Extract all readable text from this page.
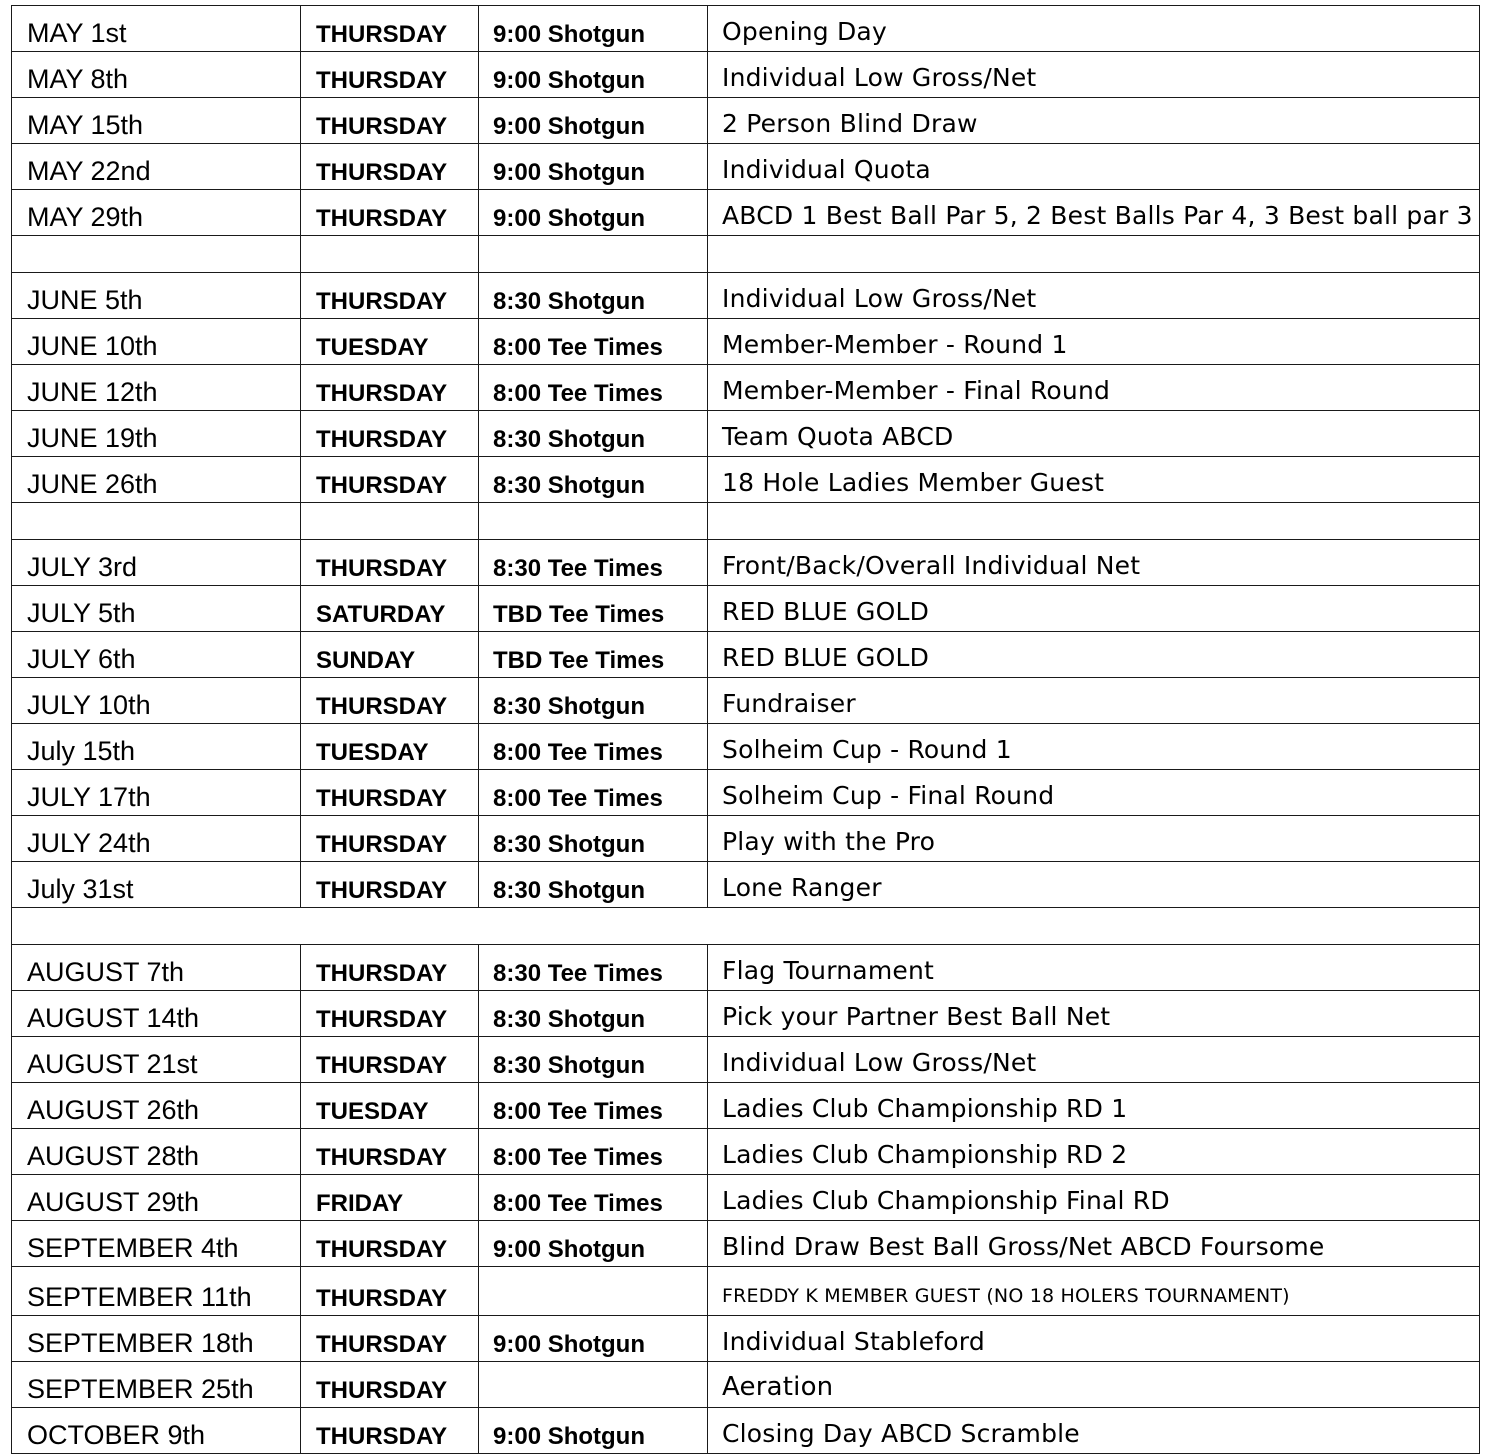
MAY 1st	THURSDAY	9:00 Shotgun	Opening Day
MAY 8th	THURSDAY	9:00 Shotgun	Individual Low Gross/Net
MAY 15th	THURSDAY	9:00 Shotgun	2 Person Blind Draw
MAY 22nd	THURSDAY	9:00 Shotgun	Individual Quota
MAY 29th	THURSDAY	9:00 Shotgun	ABCD 1 Best Ball Par 5, 2 Best Balls Par 4, 3 Best ball par 3

JUNE 5th	THURSDAY	8:30 Shotgun	Individual Low Gross/Net
JUNE 10th	TUESDAY	8:00 Tee Times	Member-Member - Round 1
JUNE 12th	THURSDAY	8:00 Tee Times	Member-Member - Final Round
JUNE 19th	THURSDAY	8:30 Shotgun	Team Quota ABCD
JUNE 26th	THURSDAY	8:30 Shotgun	18 Hole Ladies Member Guest

JULY 3rd	THURSDAY	8:30 Tee Times	Front/Back/Overall Individual Net
JULY 5th	SATURDAY	TBD Tee Times	RED BLUE GOLD
JULY 6th	SUNDAY	TBD Tee Times	RED BLUE GOLD
JULY 10th	THURSDAY	8:30 Shotgun	Fundraiser
July 15th	TUESDAY	8:00 Tee Times	Solheim Cup - Round 1
JULY 17th	THURSDAY	8:00 Tee Times	Solheim Cup - Final Round
JULY 24th	THURSDAY	8:30 Shotgun	Play with the Pro
July 31st	THURSDAY	8:30 Shotgun	Lone Ranger

AUGUST 7th	THURSDAY	8:30 Tee Times	Flag Tournament
AUGUST 14th	THURSDAY	8:30 Shotgun	Pick your Partner Best Ball Net
AUGUST 21st	THURSDAY	8:30 Shotgun	Individual Low Gross/Net
AUGUST 26th	TUESDAY	8:00 Tee Times	Ladies Club Championship RD 1
AUGUST 28th	THURSDAY	8:00 Tee Times	Ladies Club Championship RD 2
AUGUST 29th	FRIDAY	8:00 Tee Times	Ladies Club Championship Final RD
SEPTEMBER 4th	THURSDAY	9:00 Shotgun	Blind Draw Best Ball Gross/Net ABCD Foursome
SEPTEMBER 11th	THURSDAY		FREDDY K MEMBER GUEST (NO 18 HOLERS TOURNAMENT)
SEPTEMBER 18th	THURSDAY	9:00 Shotgun	Individual Stableford
SEPTEMBER 25th	THURSDAY		Aeration
OCTOBER 9th	THURSDAY	9:00 Shotgun	Closing Day ABCD Scramble
